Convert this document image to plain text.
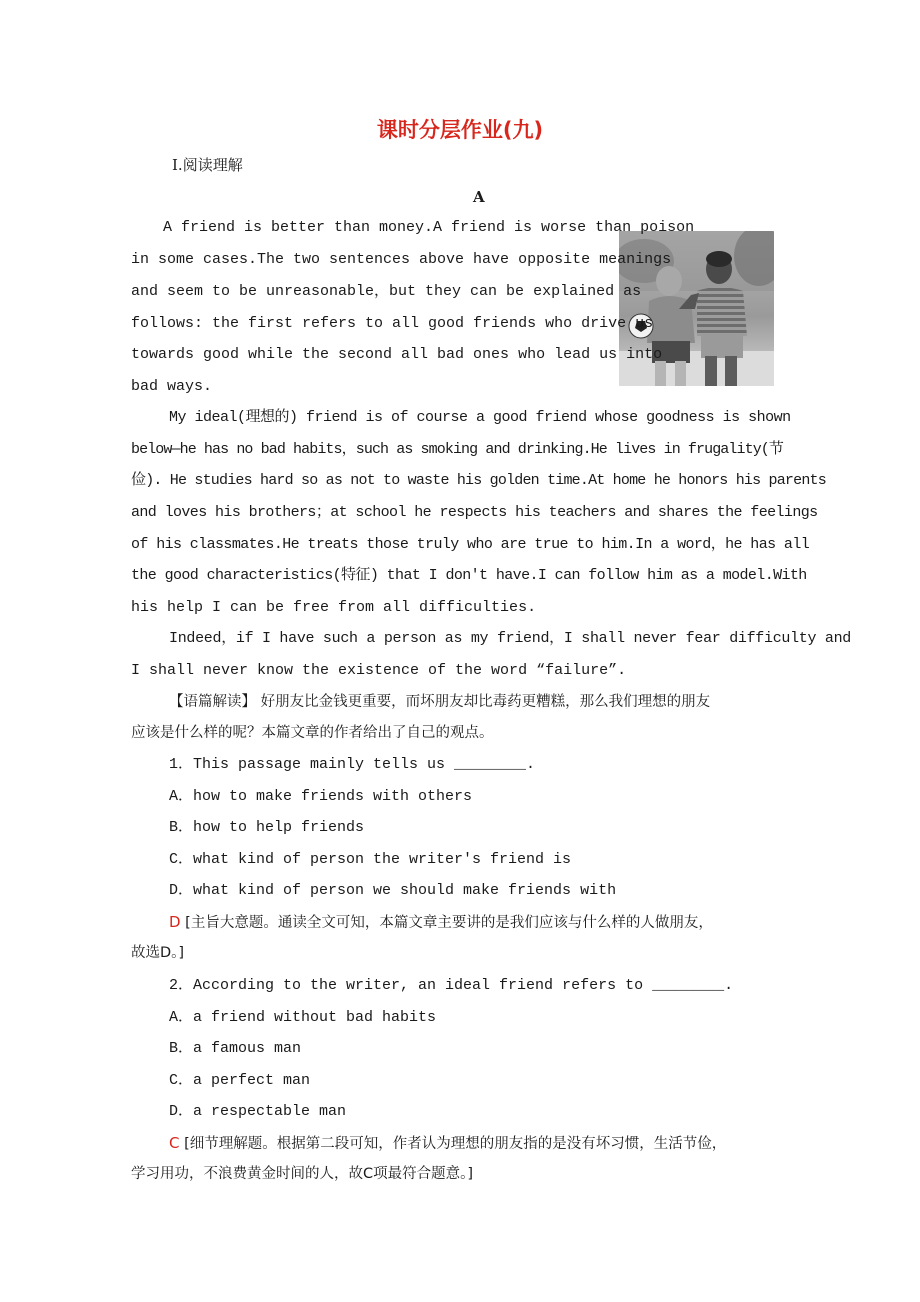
课时分层作业(九)
Ⅰ.阅读理解
A
A friend is better than money.A friend is worse than poison
in some cases.The two sentences above have opposite meanings
and seem to be unreasonable，but they can be explained as
follows: the first refers to all good friends who drive us
towards good while the second all bad ones who lead us into
bad ways.
My ideal(理想的) friend is of course a good friend whose goodness is shown
below—he has no bad habits，such as smoking and drinking.He lives in frugality(节
俭). He studies hard so as not to waste his golden time.At home he honors his parents
and loves his brothers；at school he respects his teachers and shares the feelings
of his classmates.He treats those truly who are true to him.In a word，he has all
the good characteristics(特征) that I don't have.I can follow him as a model.With
his help I can be free from all difficulties.
Indeed，if I have such a person as my friend，I shall never fear difficulty and
I shall never know the existence of the word “failure”.
【语篇解读】 好朋友比金钱更重要，而坏朋友却比毒药更糟糕，那么我们理想的朋友
应该是什么样的呢？本篇文章的作者给出了自己的观点。
1．This passage mainly tells us ________.
A．how to make friends with others
B．how to help friends
C．what kind of person the writer's friend is
D．what kind of person we should make friends with
D [主旨大意题。通读全文可知，本篇文章主要讲的是我们应该与什么样的人做朋友，
故选D。]
2．According to the writer, an ideal friend refers to ________.
A．a friend without bad habits
B．a famous man
C．a perfect man
D．a respectable man
C [细节理解题。根据第二段可知，作者认为理想的朋友指的是没有坏习惯，生活节俭，
学习用功，不浪费黄金时间的人，故C项最符合题意。]
